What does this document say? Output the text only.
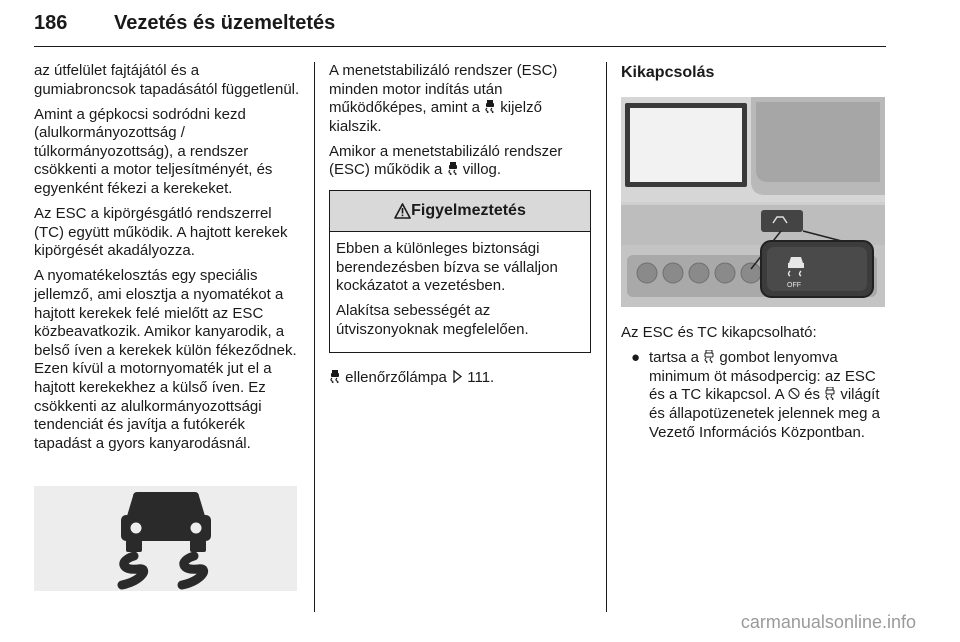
186 Vezetés és üzemeltetés

az útfelület fajtájától és a gumiabroncsok tapadásától függetlenül.

Amint a gépkocsi sodródni kezd (alulkormányozottság / túlkormányozottság), a rendszer csökkenti a motor teljesítményét, és egyenként fékezi a kerekeket.

Az ESC a kipörgésgátló rendszerrel (TC) együtt működik. A hajtott kerekek kipörgését akadályozza.

A nyomatékelosztás egy speciális jellemző, ami elosztja a nyomatékot a hajtott kerekek felé mielőtt az ESC közbeavatkozik. Amikor kanyarodik, a belső íven a kerekek külön fékeződnek. Ezen kívül a motornyomaték jut el a hajtott kerekekhez a külső íven. Ez csökkenti az alulkormányozottsági tendenciát és javítja a futókerék tapadást a gyors kanyarodásnál.

A menetstabilizáló rendszer (ESC) minden motor indítás után működőképes, amint a  kijelző kialszik.

Amikor a menetstabilizáló rendszer (ESC) működik a  villog.

Figyelmeztetés

Ebben a különleges biztonsági berendezésben bízva se vállaljon kockázatot a vezetésben.

Alakítsa sebességét az útviszonyoknak megfelelően.

ellenőrzőlámpa  111.

Kikapcsolás
OFF

Az ESC és TC kikapcsolható:

● tartsa a  gombot lenyomva minimum öt másodpercig: az ESC és a TC kikapcsol. A  és  világít és állapotüzenetek jelennek meg a Vezető Információs Központban.

carmanualsonline.info
